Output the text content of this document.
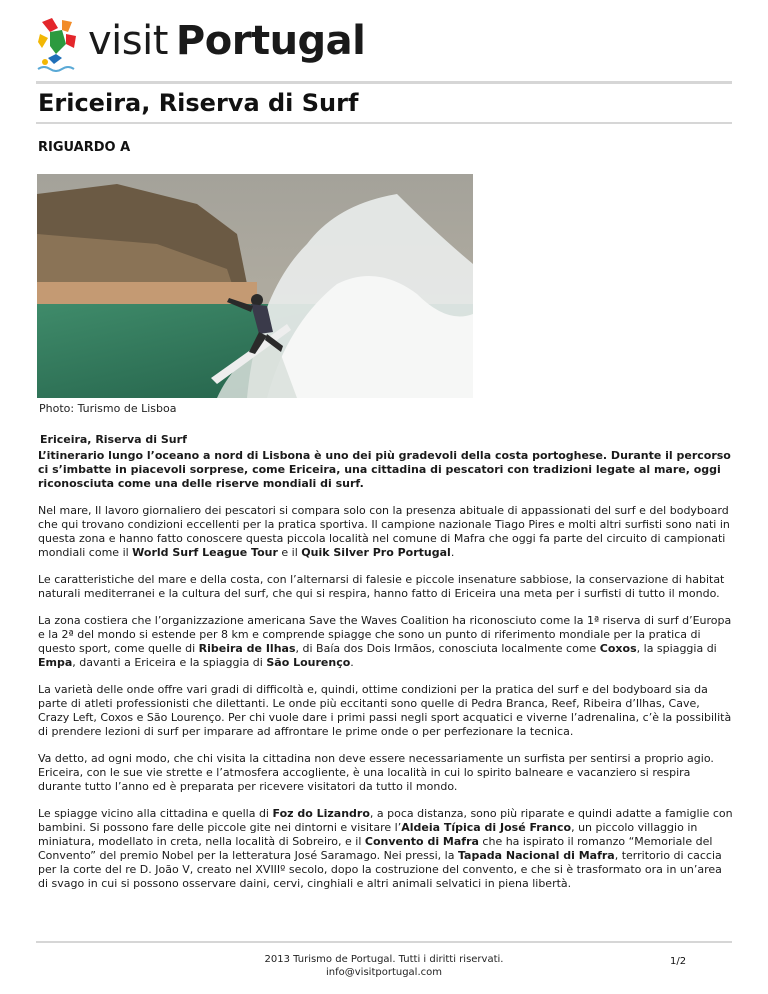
visit Portugal
Ericeira, Riserva di Surf
RIGUARDO A
Photo: Turismo de Lisboa
Ericeira, Riserva di Surf

L’itinerario lungo l’oceano a nord di Lisbona è uno dei più gradevoli della costa portoghese. Durante il percorso ci s’imbatte in piacevoli sorprese, come Ericeira, una cittadina di pescatori con tradizioni legate al mare, oggi riconosciuta come una delle riserve mondiali di surf.

Nel mare, Il lavoro giornaliero dei pescatori si compara solo con la presenza abituale di appassionati del surf e del bodyboard che qui trovano condizioni eccellenti per la pratica sportiva. Il campione nazionale Tiago Pires e molti altri surfisti sono nati in questa zona e hanno fatto conoscere questa piccola località nel comune di Mafra che oggi fa parte del circuito di campionati mondiali come il World Surf League Tour e il Quik Silver Pro Portugal.

Le caratteristiche del mare e della costa, con l’alternarsi di falesie e piccole insenature sabbiose, la conservazione di habitat naturali mediterranei e la cultura del surf, che qui si respira, hanno fatto di Ericeira una meta per i surfisti di tutto il mondo.

La zona costiera che l’organizzazione americana Save the Waves Coalition ha riconosciuto come la 1ª riserva di surf d’Europa e la 2ª del mondo si estende per 8 km e comprende spiagge che sono un punto di riferimento mondiale per la pratica di questo sport, come quelle di Ribeira de Ilhas, di Baía dos Dois Irmãos, conosciuta localmente come Coxos, la spiaggia di Empa, davanti a Ericeira e la spiaggia di São Lourenço.

La varietà delle onde offre vari gradi di difficoltà e, quindi, ottime condizioni per la pratica del surf e del bodyboard sia da parte di atleti professionisti che dilettanti. Le onde più eccitanti sono quelle di Pedra Branca, Reef, Ribeira d’Ilhas, Cave, Crazy Left, Coxos e São Lourenço. Per chi vuole dare i primi passi negli sport acquatici e viverne l’adrenalina, c’è la possibilità di prendere lezioni di surf per imparare ad affrontare le prime onde o per perfezionare la tecnica.

Va detto, ad ogni modo, che chi visita la cittadina non deve essere necessariamente un surfista per sentirsi a proprio agio. Ericeira, con le sue vie strette e l’atmosfera accogliente, è una località in cui lo spirito balneare e vacanziero si respira durante tutto l’anno ed è preparata per ricevere visitatori da tutto il mondo.

Le spiagge vicino alla cittadina e quella di Foz do Lizandro, a poca distanza, sono più riparate e quindi adatte a famiglie con bambini. Si possono fare delle piccole gite nei dintorni e visitare l’Aldeia Típica di José Franco, un piccolo villaggio in miniatura, modellato in creta, nella località di Sobreiro, e il Convento di Mafra che ha ispirato il romanzo “Memoriale del Convento” del premio Nobel per la letteratura José Saramago. Nei pressi, la Tapada Nacional di Mafra, territorio di caccia per la corte del re D. João V, creato nel XVIIIº secolo, dopo la costruzione del convento, e che si è trasformato ora in un’area di svago in cui si possono osservare daini, cervi, cinghiali e altri animali selvatici in piena libertà.

2013 Turismo de Portugal. Tutti i diritti riservati.
info@visitportugal.com
1/2
